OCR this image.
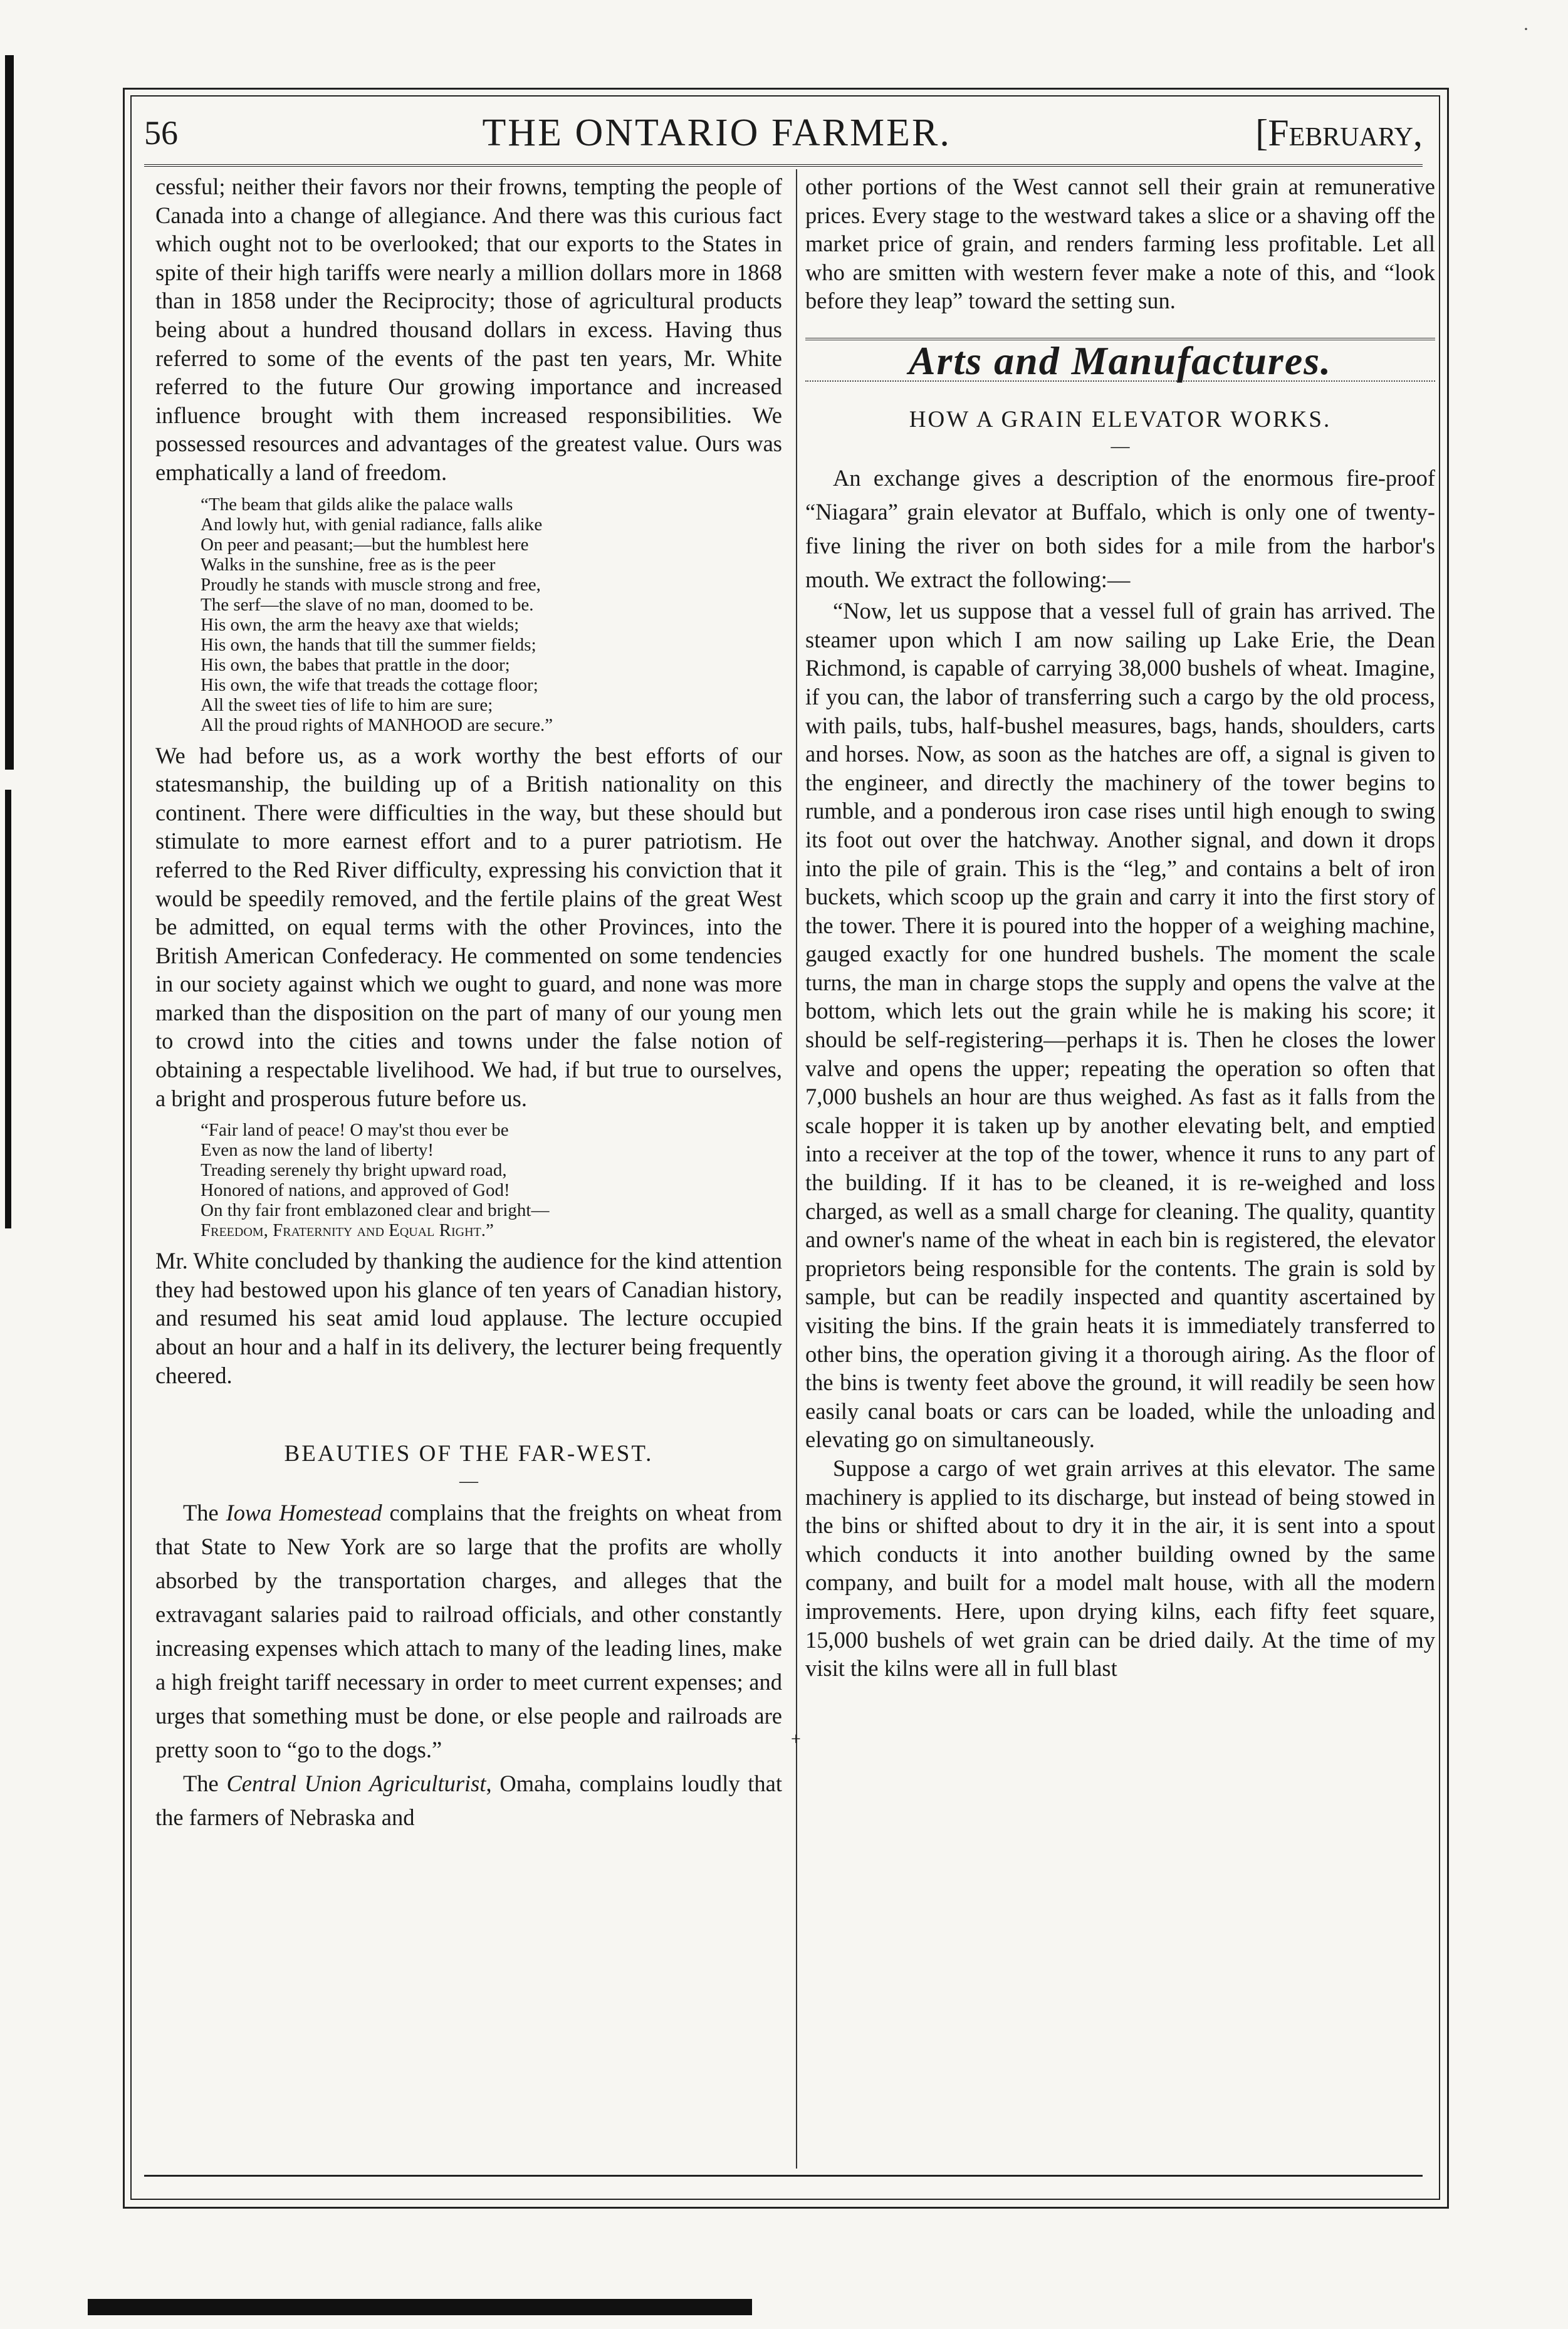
·
56	THE ONTARIO FARMER.	[February,

cessful; neither their favors nor their frowns, tempting the people of Canada into a change of allegiance. And there was this curious fact which ought not to be overlooked; that our exports to the States in spite of their high tariffs were nearly a million dollars more in 1868 than in 1858 under the Reciprocity; those of agricultural products being about a hundred thousand dollars in excess. Having thus referred to some of the events of the past ten years, Mr. White referred to the future Our growing importance and increased influence brought with them increased responsibilities. We possessed resources and advantages of the greatest value. Ours was emphatically a land of freedom.

“The beam that gilds alike the palace walls
And lowly hut, with genial radiance, falls alike
On peer and peasant;—but the humblest here
Walks in the sunshine, free as is the peer
Proudly he stands with muscle strong and free,
The serf—the slave of no man, doomed to be.
His own, the arm the heavy axe that wields;
His own, the hands that till the summer fields;
His own, the babes that prattle in the door;
His own, the wife that treads the cottage floor;
All the sweet ties of life to him are sure;
All the proud rights of MANHOOD are secure.”

We had before us, as a work worthy the best efforts of our statesmanship, the building up of a British nationality on this continent. There were difficulties in the way, but these should but stimulate to more earnest effort and to a purer patriotism. He referred to the Red River difficulty, expressing his conviction that it would be speedily removed, and the fertile plains of the great West be admitted, on equal terms with the other Provinces, into the British American Confederacy. He commented on some tendencies in our society against which we ought to guard, and none was more marked than the disposition on the part of many of our young men to crowd into the cities and towns under the false notion of obtaining a respectable livelihood. We had, if but true to ourselves, a bright and prosperous future before us.

“Fair land of peace! O may'st thou ever be
Even as now the land of liberty!
Treading serenely thy bright upward road,
Honored of nations, and approved of God!
On thy fair front emblazoned clear and bright—
Freedom, Fraternity and Equal Right.”

Mr. White concluded by thanking the audience for the kind attention they had bestowed upon his glance of ten years of Canadian history, and resumed his seat amid loud applause. The lecture occupied about an hour and a half in its delivery, the lecturer being frequently cheered.

BEAUTIES OF THE FAR-WEST.
—

The Iowa Homestead complains that the freights on wheat from that State to New York are so large that the profits are wholly absorbed by the transportation charges, and alleges that the extravagant salaries paid to railroad officials, and other constantly increasing expenses which attach to many of the leading lines, make a high freight tariff necessary in order to meet current expenses; and urges that something must be done, or else people and railroads are pretty soon to “go to the dogs.”

The Central Union Agriculturist, Omaha, complains loudly that the farmers of Nebraska and

other portions of the West cannot sell their grain at remunerative prices. Every stage to the westward takes a slice or a shaving off the market price of grain, and renders farming less profitable. Let all who are smitten with western fever make a note of this, and “look before they leap” toward the setting sun.

Arts and Manufactures.
HOW A GRAIN ELEVATOR WORKS.
—

An exchange gives a description of the enormous fire-proof “Niagara” grain elevator at Buffalo, which is only one of twenty-five lining the river on both sides for a mile from the harbor's mouth. We extract the following:—

“Now, let us suppose that a vessel full of grain has arrived. The steamer upon which I am now sailing up Lake Erie, the Dean Richmond, is capable of carrying 38,000 bushels of wheat. Imagine, if you can, the labor of transferring such a cargo by the old process, with pails, tubs, half-bushel measures, bags, hands, shoulders, carts and horses. Now, as soon as the hatches are off, a signal is given to the engineer, and directly the machinery of the tower begins to rumble, and a ponderous iron case rises until high enough to swing its foot out over the hatchway. Another signal, and down it drops into the pile of grain. This is the “leg,” and contains a belt of iron buckets, which scoop up the grain and carry it into the first story of the tower. There it is poured into the hopper of a weighing machine, gauged exactly for one hundred bushels. The moment the scale turns, the man in charge stops the supply and opens the valve at the bottom, which lets out the grain while he is making his score; it should be self-registering—perhaps it is. Then he closes the lower valve and opens the upper; repeating the operation so often that 7,000 bushels an hour are thus weighed. As fast as it falls from the scale hopper it is taken up by another elevating belt, and emptied into a receiver at the top of the tower, whence it runs to any part of the building. If it has to be cleaned, it is re-weighed and loss charged, as well as a small charge for cleaning. The quality, quantity and owner's name of the wheat in each bin is registered, the elevator proprietors being responsible for the contents. The grain is sold by sample, but can be readily inspected and quantity ascertained by visiting the bins. If the grain heats it is immediately transferred to other bins, the operation giving it a thorough airing. As the floor of the bins is twenty feet above the ground, it will readily be seen how easily canal boats or cars can be loaded, while the unloading and elevating go on simultaneously.

Suppose a cargo of wet grain arrives at this elevator. The same machinery is applied to its discharge, but instead of being stowed in the bins or shifted about to dry it in the air, it is sent into a spout which conducts it into another building owned by the same company, and built for a model malt house, with all the modern improvements. Here, upon drying kilns, each fifty feet square, 15,000 bushels of wet grain can be dried daily. At the time of my visit the kilns were all in full blast

+
